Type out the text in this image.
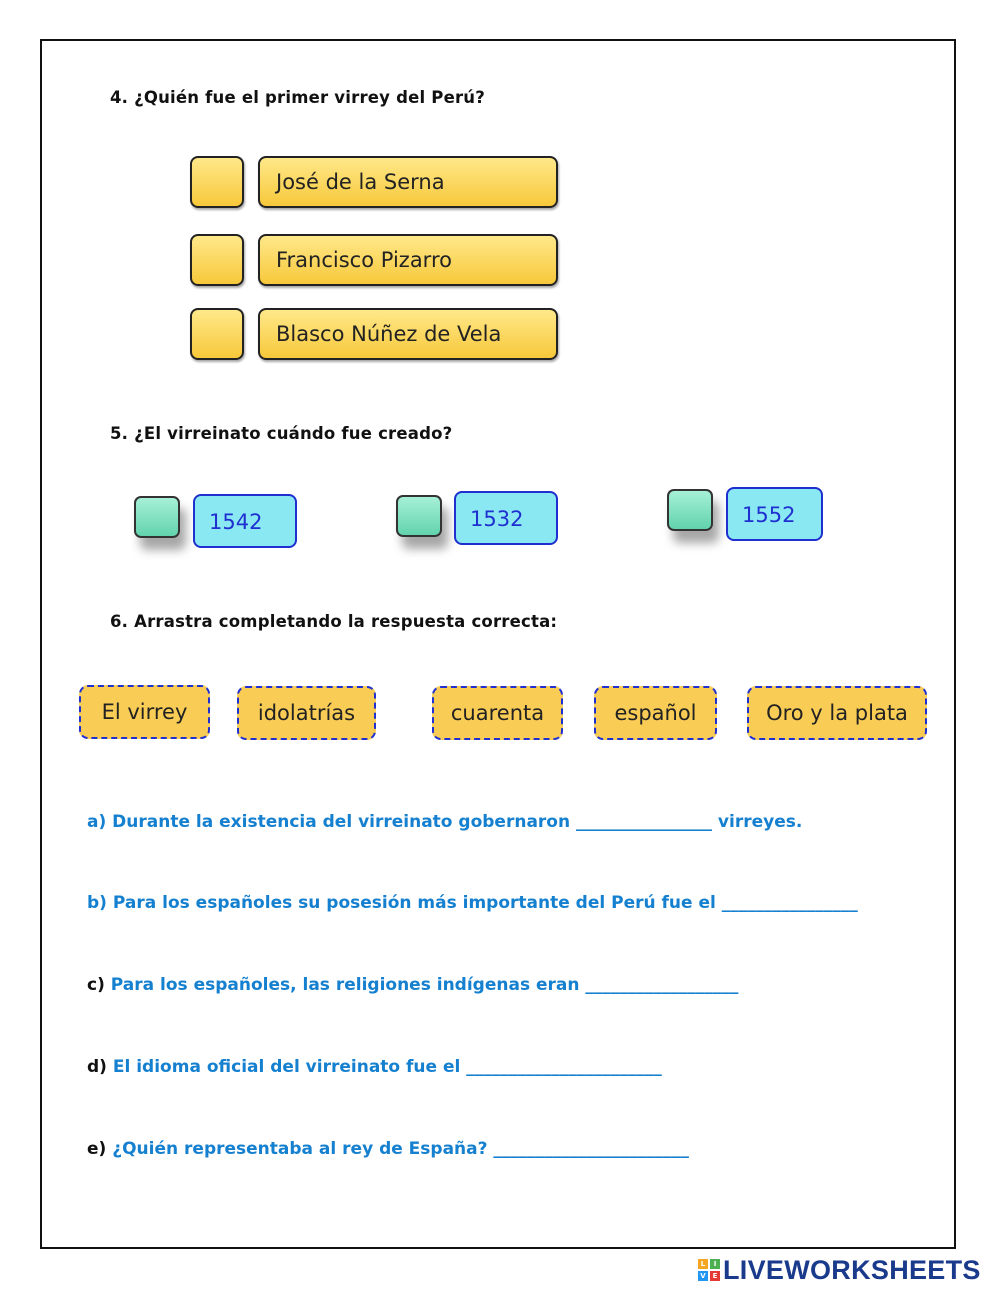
4. ¿Quién fue el primer virrey del Perú?
José de la Serna
Francisco Pizarro
Blasco Núñez de Vela
5. ¿El virreinato cuándo fue creado?
1542	1532	1552
6. Arrastra completando la respuesta correcta:
El virrey	idolatrías	cuarenta	español	Oro y la plata
a) Durante la existencia del virreinato gobernaron ________________ virreyes.
b) Para los españoles su posesión más importante del Perú fue el ________________
c) Para los españoles, las religiones indígenas eran __________________
d) El idioma oficial del virreinato fue el _______________________
e) ¿Quién representaba al rey de España? _______________________
L	I
V E LIVEWORKSHEETS
